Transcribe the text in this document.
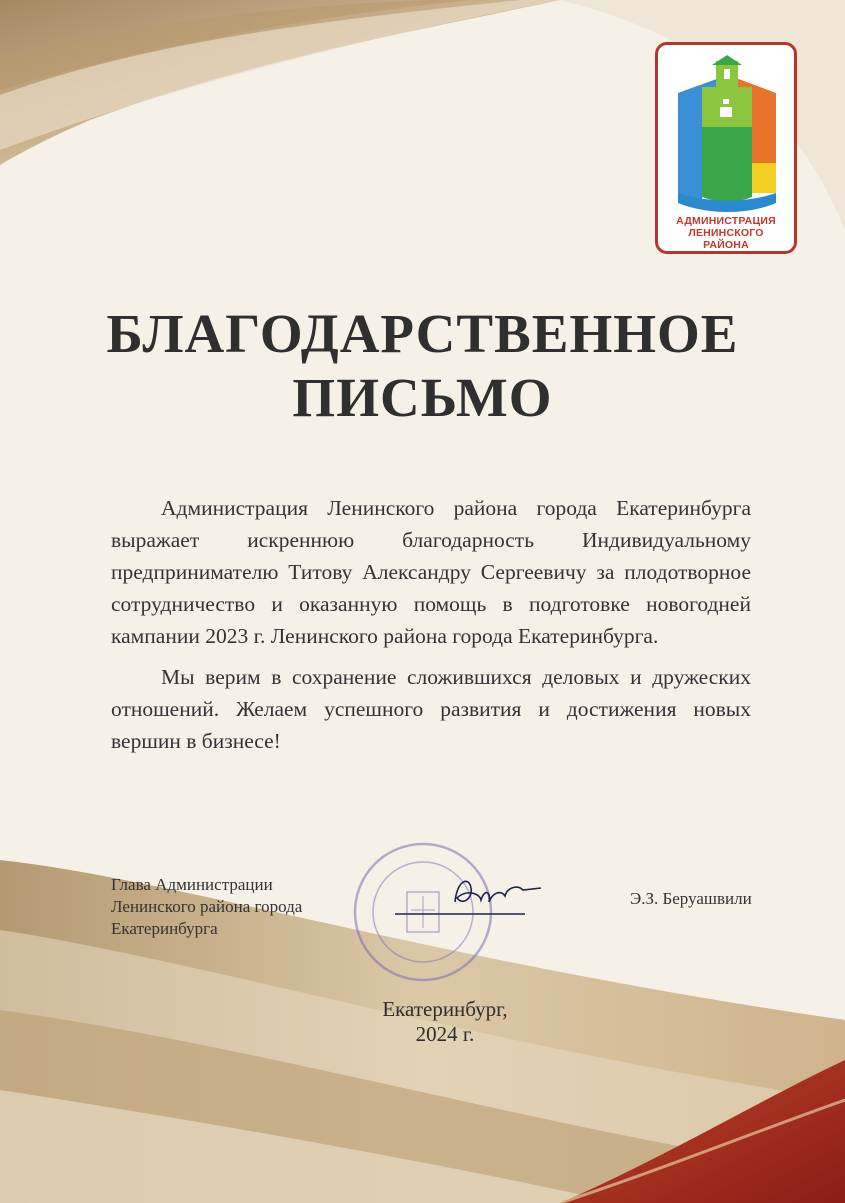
АДМИНИСТРАЦИЯ
ЛЕНИНСКОГО
РАЙОНА
БЛАГОДАРСТВЕННОЕ
ПИСЬМО

Администрация Ленинского района города Екатеринбурга выражает искреннюю благодарность Индивидуальному предпринимателю Титову Александру Сергеевичу за плодотворное сотрудничество и оказанную помощь в подготовке новогодней кампании 2023 г. Ленинского района города Екатеринбурга.

Мы верим в сохранение сложившихся деловых и дружеских отношений. Желаем успешного развития и достижения новых вершин в бизнесе!

Берu
Глава Администрации
Ленинского района города
Екатеринбурга
Э.З. Беруашвили
Екатеринбург,
2024 г.
